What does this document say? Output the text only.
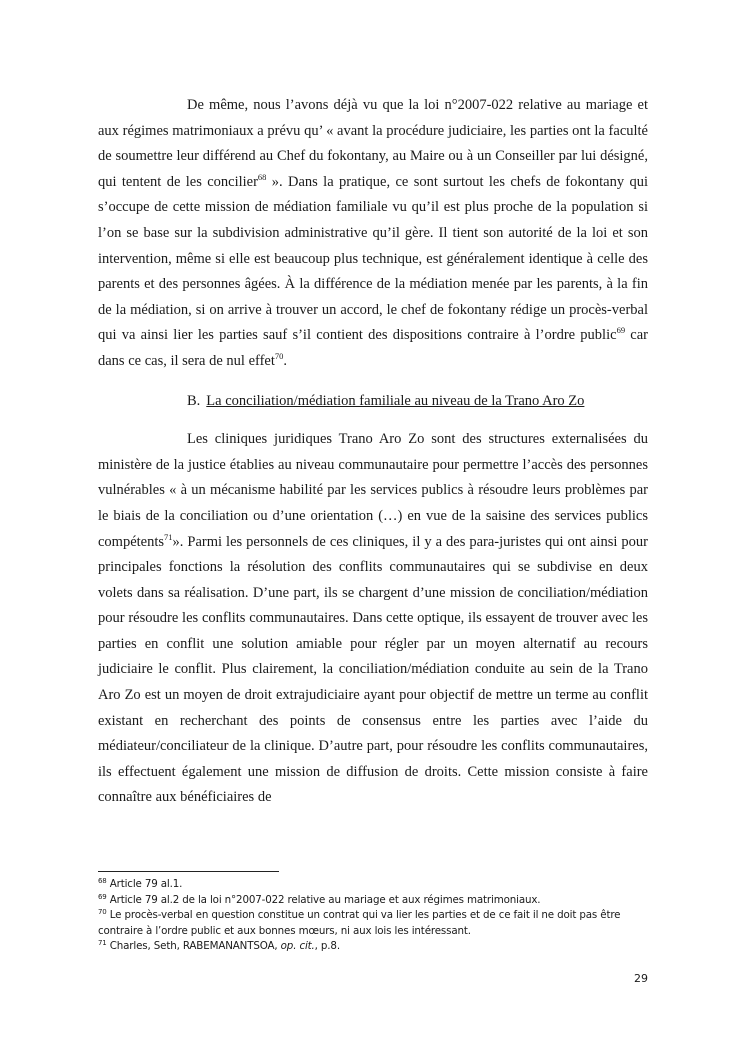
De même, nous l’avons déjà vu que la loi n°2007-022 relative au mariage et aux régimes matrimoniaux a prévu qu’ « avant la procédure judiciaire, les parties ont la faculté de soumettre leur différend au Chef du fokontany, au Maire ou à un Conseiller par lui désigné, qui tentent de les concilier$^{68}$ ». Dans la pratique, ce sont surtout les chefs de fokontany qui s’occupe de cette mission de médiation familiale vu qu’il est plus proche de la population si l’on se base sur la subdivision administrative qu’il gère. Il tient son autorité de la loi et son intervention, même si elle est beaucoup plus technique, est généralement identique à celle des parents et des personnes âgées. À la différence de la médiation menée par les parents, à la fin de la médiation, si on arrive à trouver un accord, le chef de fokontany rédige un procès-verbal qui va ainsi lier les parties sauf s’il contient des dispositions contraire à l’ordre public$^{69}$ car dans ce cas, il sera de nul effet$^{70}$.

B. La conciliation/médiation familiale au niveau de la Trano Aro Zo

Les cliniques juridiques Trano Aro Zo sont des structures externalisées du ministère de la justice établies au niveau communautaire pour permettre l’accès des personnes vulnérables « à un mécanisme habilité par les services publics à résoudre leurs problèmes par le biais de la conciliation ou d’une orientation (…) en vue de la saisine des services publics compétents$^{71}$». Parmi les personnels de ces cliniques, il y a des para-juristes qui ont ainsi pour principales fonctions la résolution des conflits communautaires qui se subdivise en deux volets dans sa réalisation. D’une part, ils se chargent d’une mission de conciliation/médiation pour résoudre les conflits communautaires. Dans cette optique, ils essayent de trouver avec les parties en conflit une solution amiable pour régler par un moyen alternatif au recours judiciaire le conflit. Plus clairement, la conciliation/médiation conduite au sein de la Trano Aro Zo est un moyen de droit extrajudiciaire ayant pour objectif de mettre un terme au conflit existant en recherchant des points de consensus entre les parties avec l’aide du médiateur/conciliateur de la clinique. D’autre part, pour résoudre les conflits communautaires, ils effectuent également une mission de diffusion de droits. Cette mission consiste à faire connaître aux bénéficiaires de

$^{68}$ Article 79 al.1.

$^{69}$ Article 79 al.2 de la loi n°2007-022 relative au mariage et aux régimes matrimoniaux.

$^{70}$ Le procès-verbal en question constitue un contrat qui va lier les parties et de ce fait il ne doit pas être contraire à l’ordre public et aux bonnes mœurs, ni aux lois les intéressant.

$^{71}$ Charles, Seth, RABEMANANTSOA, op. cit., p.8.

29
